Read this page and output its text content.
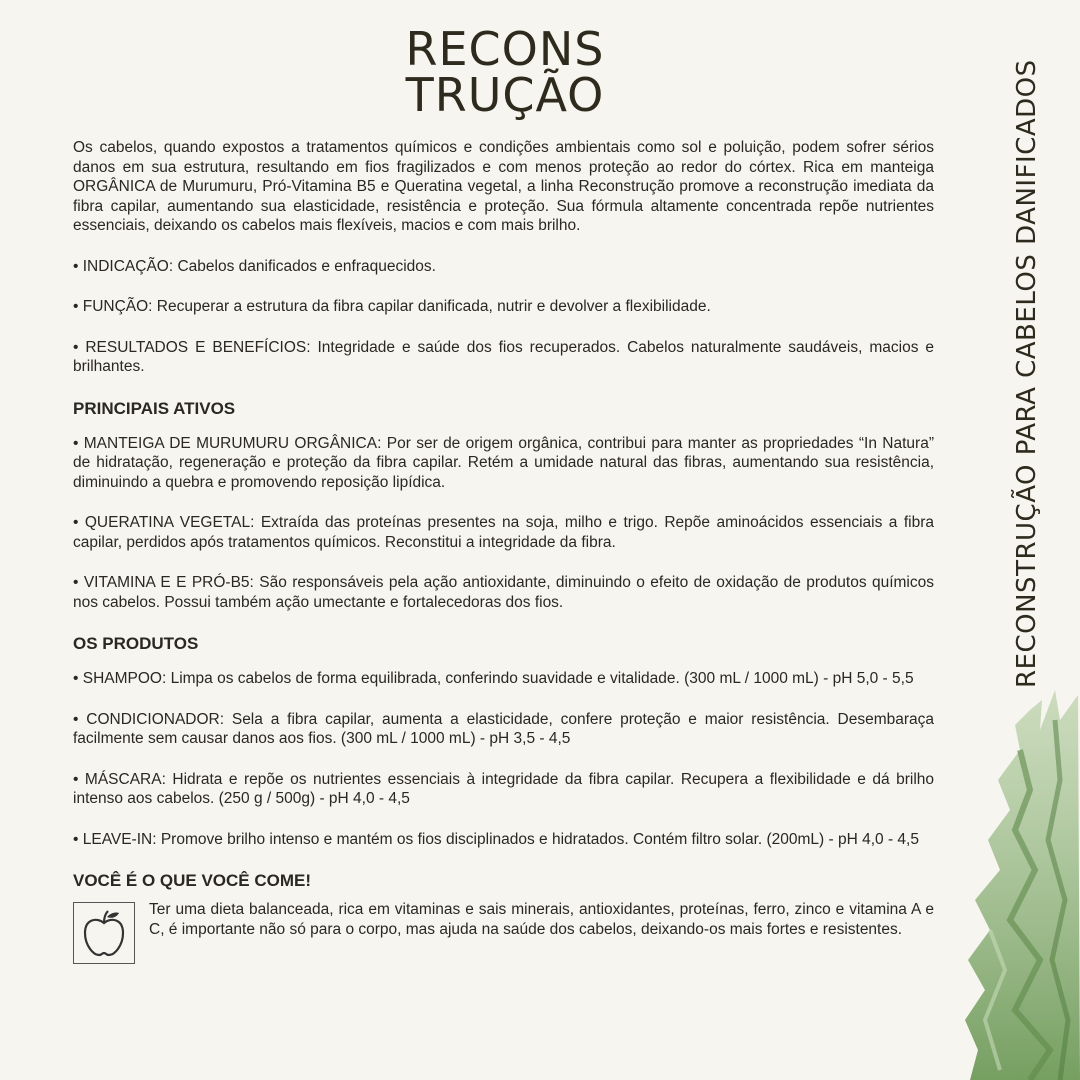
RECONS
TRUÇÃO	RECONSTRUÇÃO PARA CABELOS DANIFICADOS

Os cabelos, quando expostos a tratamentos químicos e condições ambientais como sol e poluição, podem sofrer sérios danos em sua estrutura, resultando em fios fragilizados e com menos proteção ao redor do córtex. Rica em manteiga ORGÂNICA de Murumuru, Pró-Vitamina B5 e Queratina vegetal, a linha Reconstrução promove a reconstrução imediata da fibra capilar, aumentando sua elasticidade, resistência e proteção. Sua fórmula altamente concentrada repõe nutrientes essenciais, deixando os cabelos mais flexíveis, macios e com mais brilho.

• INDICAÇÃO: Cabelos danificados e enfraquecidos.

• FUNÇÃO: Recuperar a estrutura da fibra capilar danificada, nutrir e devolver a flexibilidade.

• RESULTADOS E BENEFÍCIOS: Integridade e saúde dos fios recuperados. Cabelos naturalmente saudáveis, macios e brilhantes.

PRINCIPAIS ATIVOS

• MANTEIGA DE MURUMURU ORGÂNICA: Por ser de origem orgânica, contribui para manter as propriedades “In Natura” de hidratação, regeneração e proteção da fibra capilar. Retém a umidade natural das fibras, aumentando sua resistência, diminuindo a quebra e promovendo reposição lipídica.

• QUERATINA VEGETAL: Extraída das proteínas presentes na soja, milho e trigo. Repõe aminoácidos essenciais a fibra capilar, perdidos após tratamentos químicos. Reconstitui a integridade da fibra.

• VITAMINA E E PRÓ-B5: São responsáveis pela ação antioxidante, diminuindo o efeito de oxidação de produtos químicos nos cabelos. Possui também ação umectante e fortalecedoras dos fios.

OS PRODUTOS

• SHAMPOO: Limpa os cabelos de forma equilibrada, conferindo suavidade e vitalidade. (300 mL / 1000 mL) - pH 5,0 - 5,5

• CONDICIONADOR: Sela a fibra capilar, aumenta a elasticidade, confere proteção e maior resistência. Desembaraça facilmente sem causar danos aos fios. (300 mL / 1000 mL) - pH 3,5 - 4,5

• MÁSCARA: Hidrata e repõe os nutrientes essenciais à integridade da fibra capilar. Recupera a flexibilidade e dá brilho intenso aos cabelos. (250 g / 500g) - pH 4,0 - 4,5

• LEAVE-IN: Promove brilho intenso e mantém os fios disciplinados e hidratados. Contém filtro solar. (200mL) - pH 4,0 - 4,5

VOCÊ É O QUE VOCÊ COME!

Ter uma dieta balanceada, rica em vitaminas e sais minerais, antioxidantes, proteínas, ferro, zinco e vitamina A e C, é importante não só para o corpo, mas ajuda na saúde dos cabelos, deixando-os mais fortes e resistentes.
